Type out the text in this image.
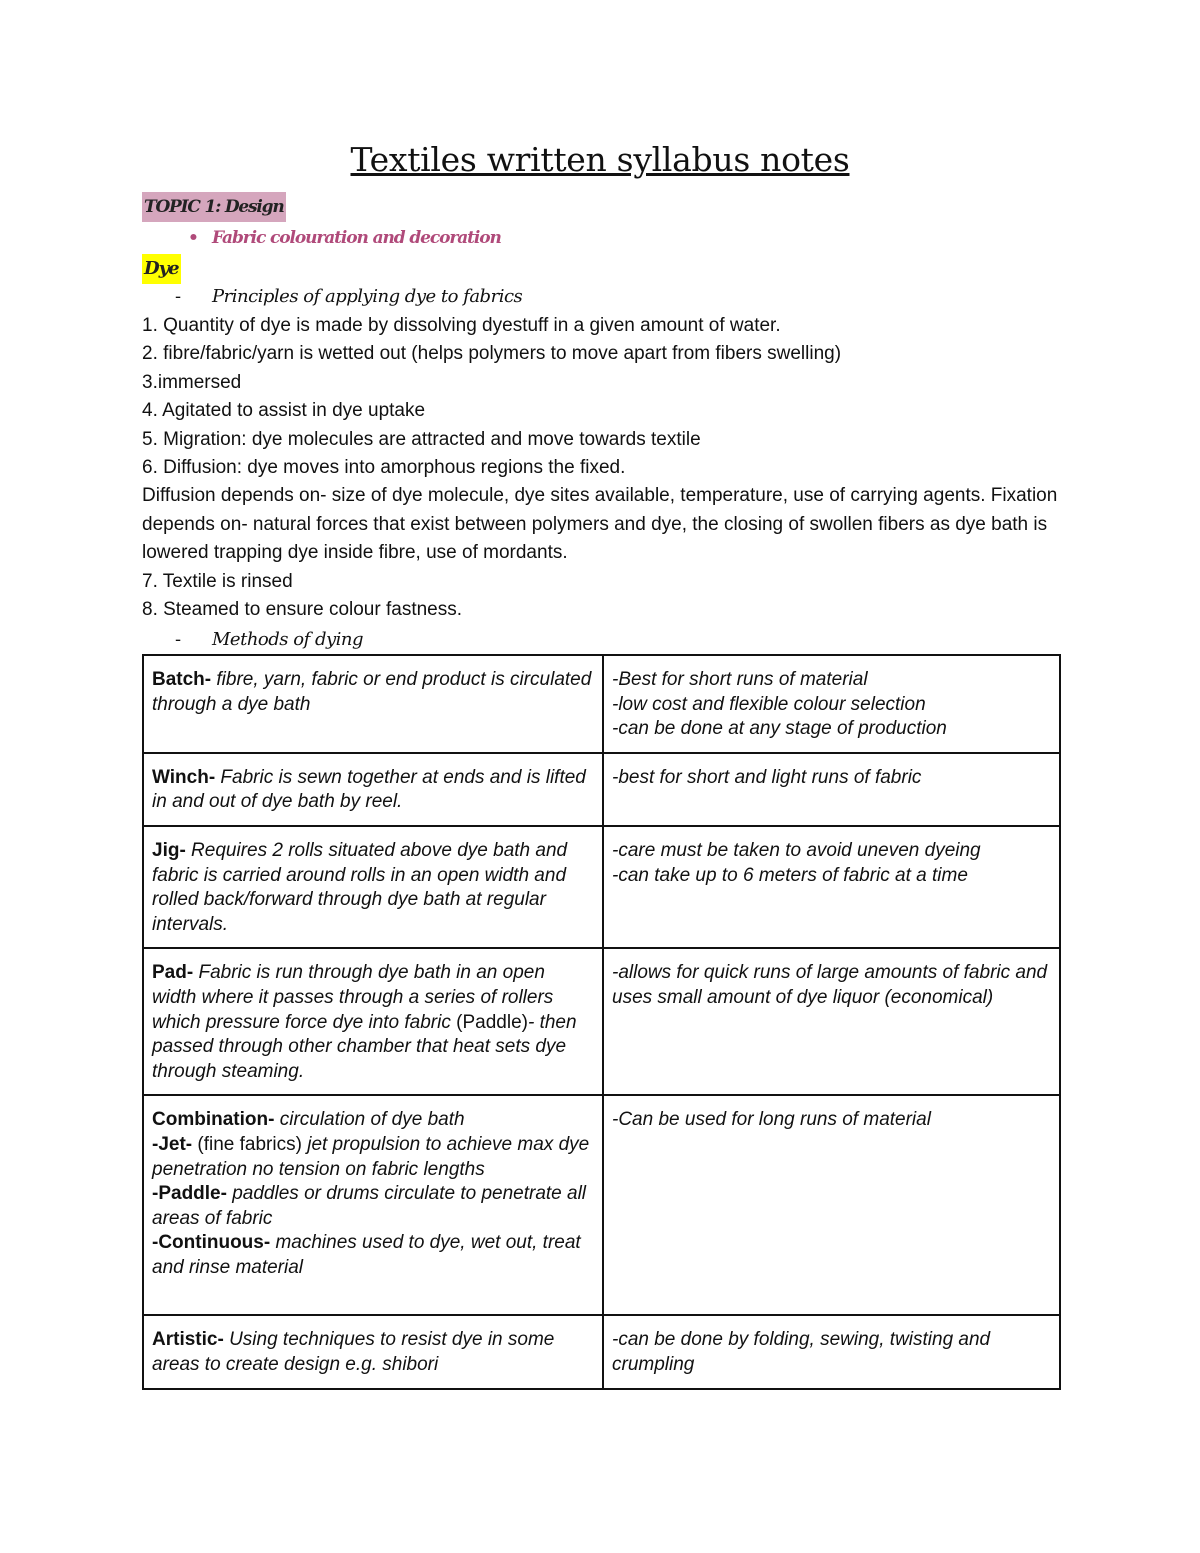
Textiles written syllabus notes
TOPIC 1: Design
• Fabric colouration and decoration
Dye
- Principles of applying dye to fabrics

1. Quantity of dye is made by dissolving dyestuff in a given amount of water.

2. fibre/fabric/yarn is wetted out (helps polymers to move apart from fibers swelling)

3.immersed

4. Agitated to assist in dye uptake

5. Migration: dye molecules are attracted and move towards textile

6. Diffusion: dye moves into amorphous regions the fixed.

Diffusion depends on- size of dye molecule, dye sites available, temperature, use of carrying agents. Fixation depends on- natural forces that exist between polymers and dye, the closing of swollen fibers as dye bath is lowered trapping dye inside fibre, use of mordants.

7. Textile is rinsed

8. Steamed to ensure colour fastness.

- Methods of dying
Batch- fibre, yarn, fabric or end product is circulated through a dye bath	-Best for short runs of material
-low cost and flexible colour selection
-can be done at any stage of production

Winch- Fabric is sewn together at ends and is lifted in and out of dye bath by reel.	-best for short and light runs of fabric

Jig- Requires 2 rolls situated above dye bath and fabric is carried around rolls in an open width and rolled back/forward through dye bath at regular intervals.	-care must be taken to avoid uneven dyeing
-can take up to 6 meters of fabric at a time

Pad- Fabric is run through dye bath in an open width where it passes through a series of rollers which pressure force dye into fabric (Paddle)- then passed through other chamber that heat sets dye through steaming.	-allows for quick runs of large amounts of fabric and uses small amount of dye liquor (economical)

Combination- circulation of dye bath
-Jet- (fine fabrics) jet propulsion to achieve max dye penetration no tension on fabric lengths
-Paddle- paddles or drums circulate to penetrate all areas of fabric
-Continuous- machines used to dye, wet out, treat and rinse material	-Can be used for long runs of material

Artistic- Using techniques to resist dye in some areas to create design e.g. shibori	-can be done by folding, sewing, twisting and crumpling
